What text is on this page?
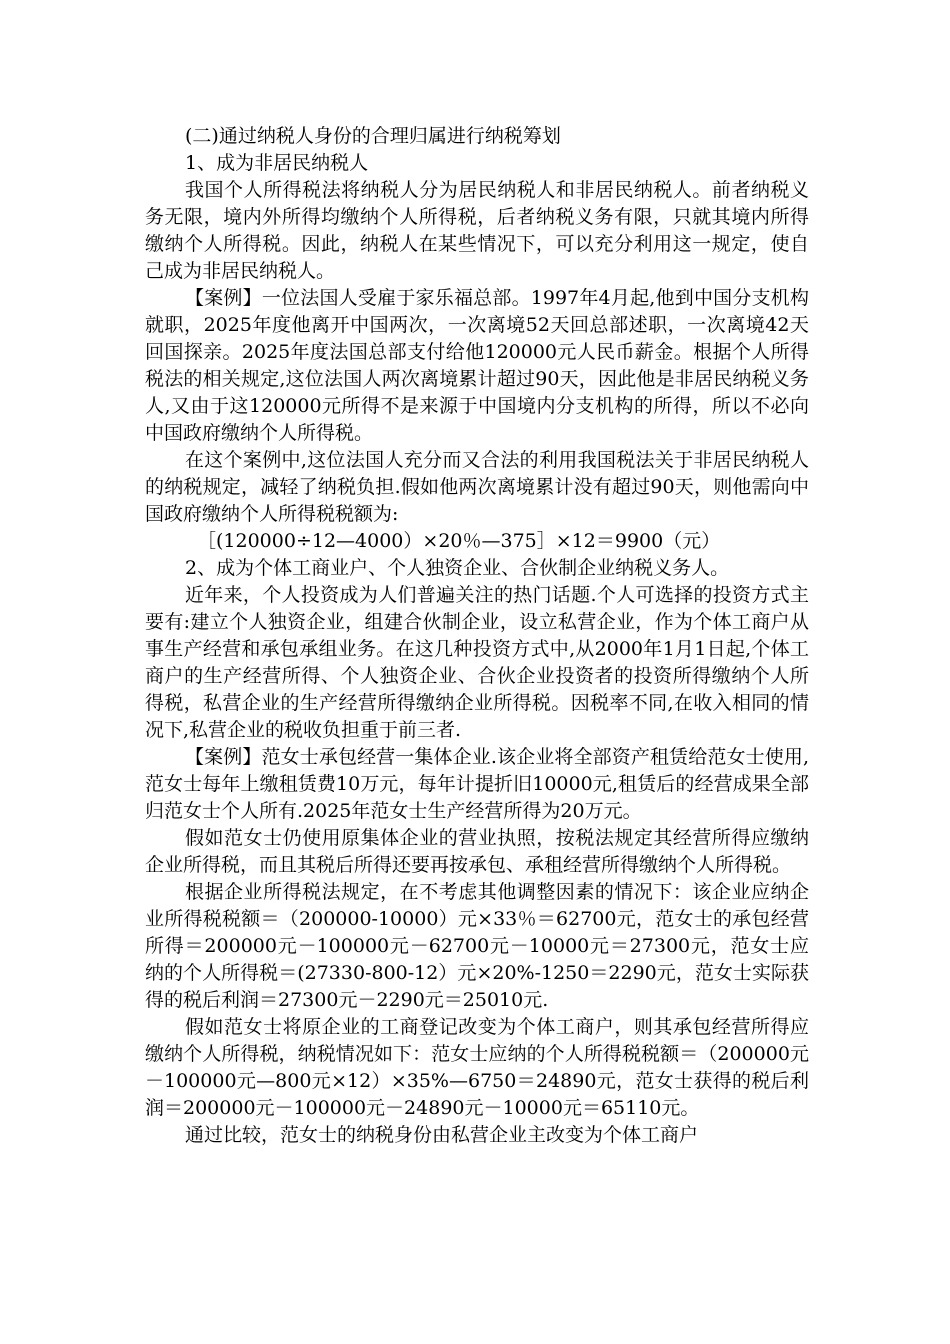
(二)通过纳税人身份的合理归属进行纳税筹划

1、成为非居民纳税人

我国个人所得税法将纳税人分为居民纳税人和非居民纳税人。前者纳税义务无限，境内外所得均缴纳个人所得税，后者纳税义务有限，只就其境内所得缴纳个人所得税。因此，纳税人在某些情况下，可以充分利用这一规定，使自己成为非居民纳税人。

【案例】一位法国人受雇于家乐福总部。1997年4月起,他到中国分支机构就职，2025年度他离开中国两次，一次离境52天回总部述职，一次离境42天回国探亲。2025年度法国总部支付给他120000元人民币薪金。根据个人所得税法的相关规定,这位法国人两次离境累计超过90天，因此他是非居民纳税义务人,又由于这120000元所得不是来源于中国境内分支机构的所得，所以不必向中国政府缴纳个人所得税。

在这个案例中,这位法国人充分而又合法的利用我国税法关于非居民纳税人的纳税规定，减轻了纳税负担.假如他两次离境累计没有超过90天，则他需向中国政府缴纳个人所得税税额为:

［(120000÷12—4000）×20％—375］×12＝9900（元）

2、成为个体工商业户、个人独资企业、合伙制企业纳税义务人。

近年来，个人投资成为人们普遍关注的热门话题.个人可选择的投资方式主要有:建立个人独资企业，组建合伙制企业，设立私营企业，作为个体工商户从事生产经营和承包承组业务。在这几种投资方式中,从2000年1月1日起,个体工商户的生产经营所得、个人独资企业、合伙企业投资者的投资所得缴纳个人所得税，私营企业的生产经营所得缴纳企业所得税。因税率不同,在收入相同的情况下,私营企业的税收负担重于前三者.

【案例】范女士承包经营一集体企业.该企业将全部资产租赁给范女士使用,范女士每年上缴租赁费10万元，每年计提折旧10000元,租赁后的经营成果全部归范女士个人所有.2025年范女士生产经营所得为20万元。

假如范女士仍使用原集体企业的营业执照，按税法规定其经营所得应缴纳企业所得税，而且其税后所得还要再按承包、承租经营所得缴纳个人所得税。

根据企业所得税法规定，在不考虑其他调整因素的情况下：该企业应纳企业所得税税额＝（200000-10000）元×33％＝62700元，范女士的承包经营所得＝200000元－100000元－62700元－10000元＝27300元，范女士应纳的个人所得税＝(27330-800-12）元×20%-1250＝2290元，范女士实际获得的税后利润＝27300元－2290元＝25010元.

假如范女士将原企业的工商登记改变为个体工商户，则其承包经营所得应缴纳个人所得税，纳税情况如下：范女士应纳的个人所得税税额＝（200000元－100000元—800元×12）×35%—6750＝24890元，范女士获得的税后利润＝200000元－100000元－24890元－10000元＝65110元。

通过比较，范女士的纳税身份由私营企业主改变为个体工商户
